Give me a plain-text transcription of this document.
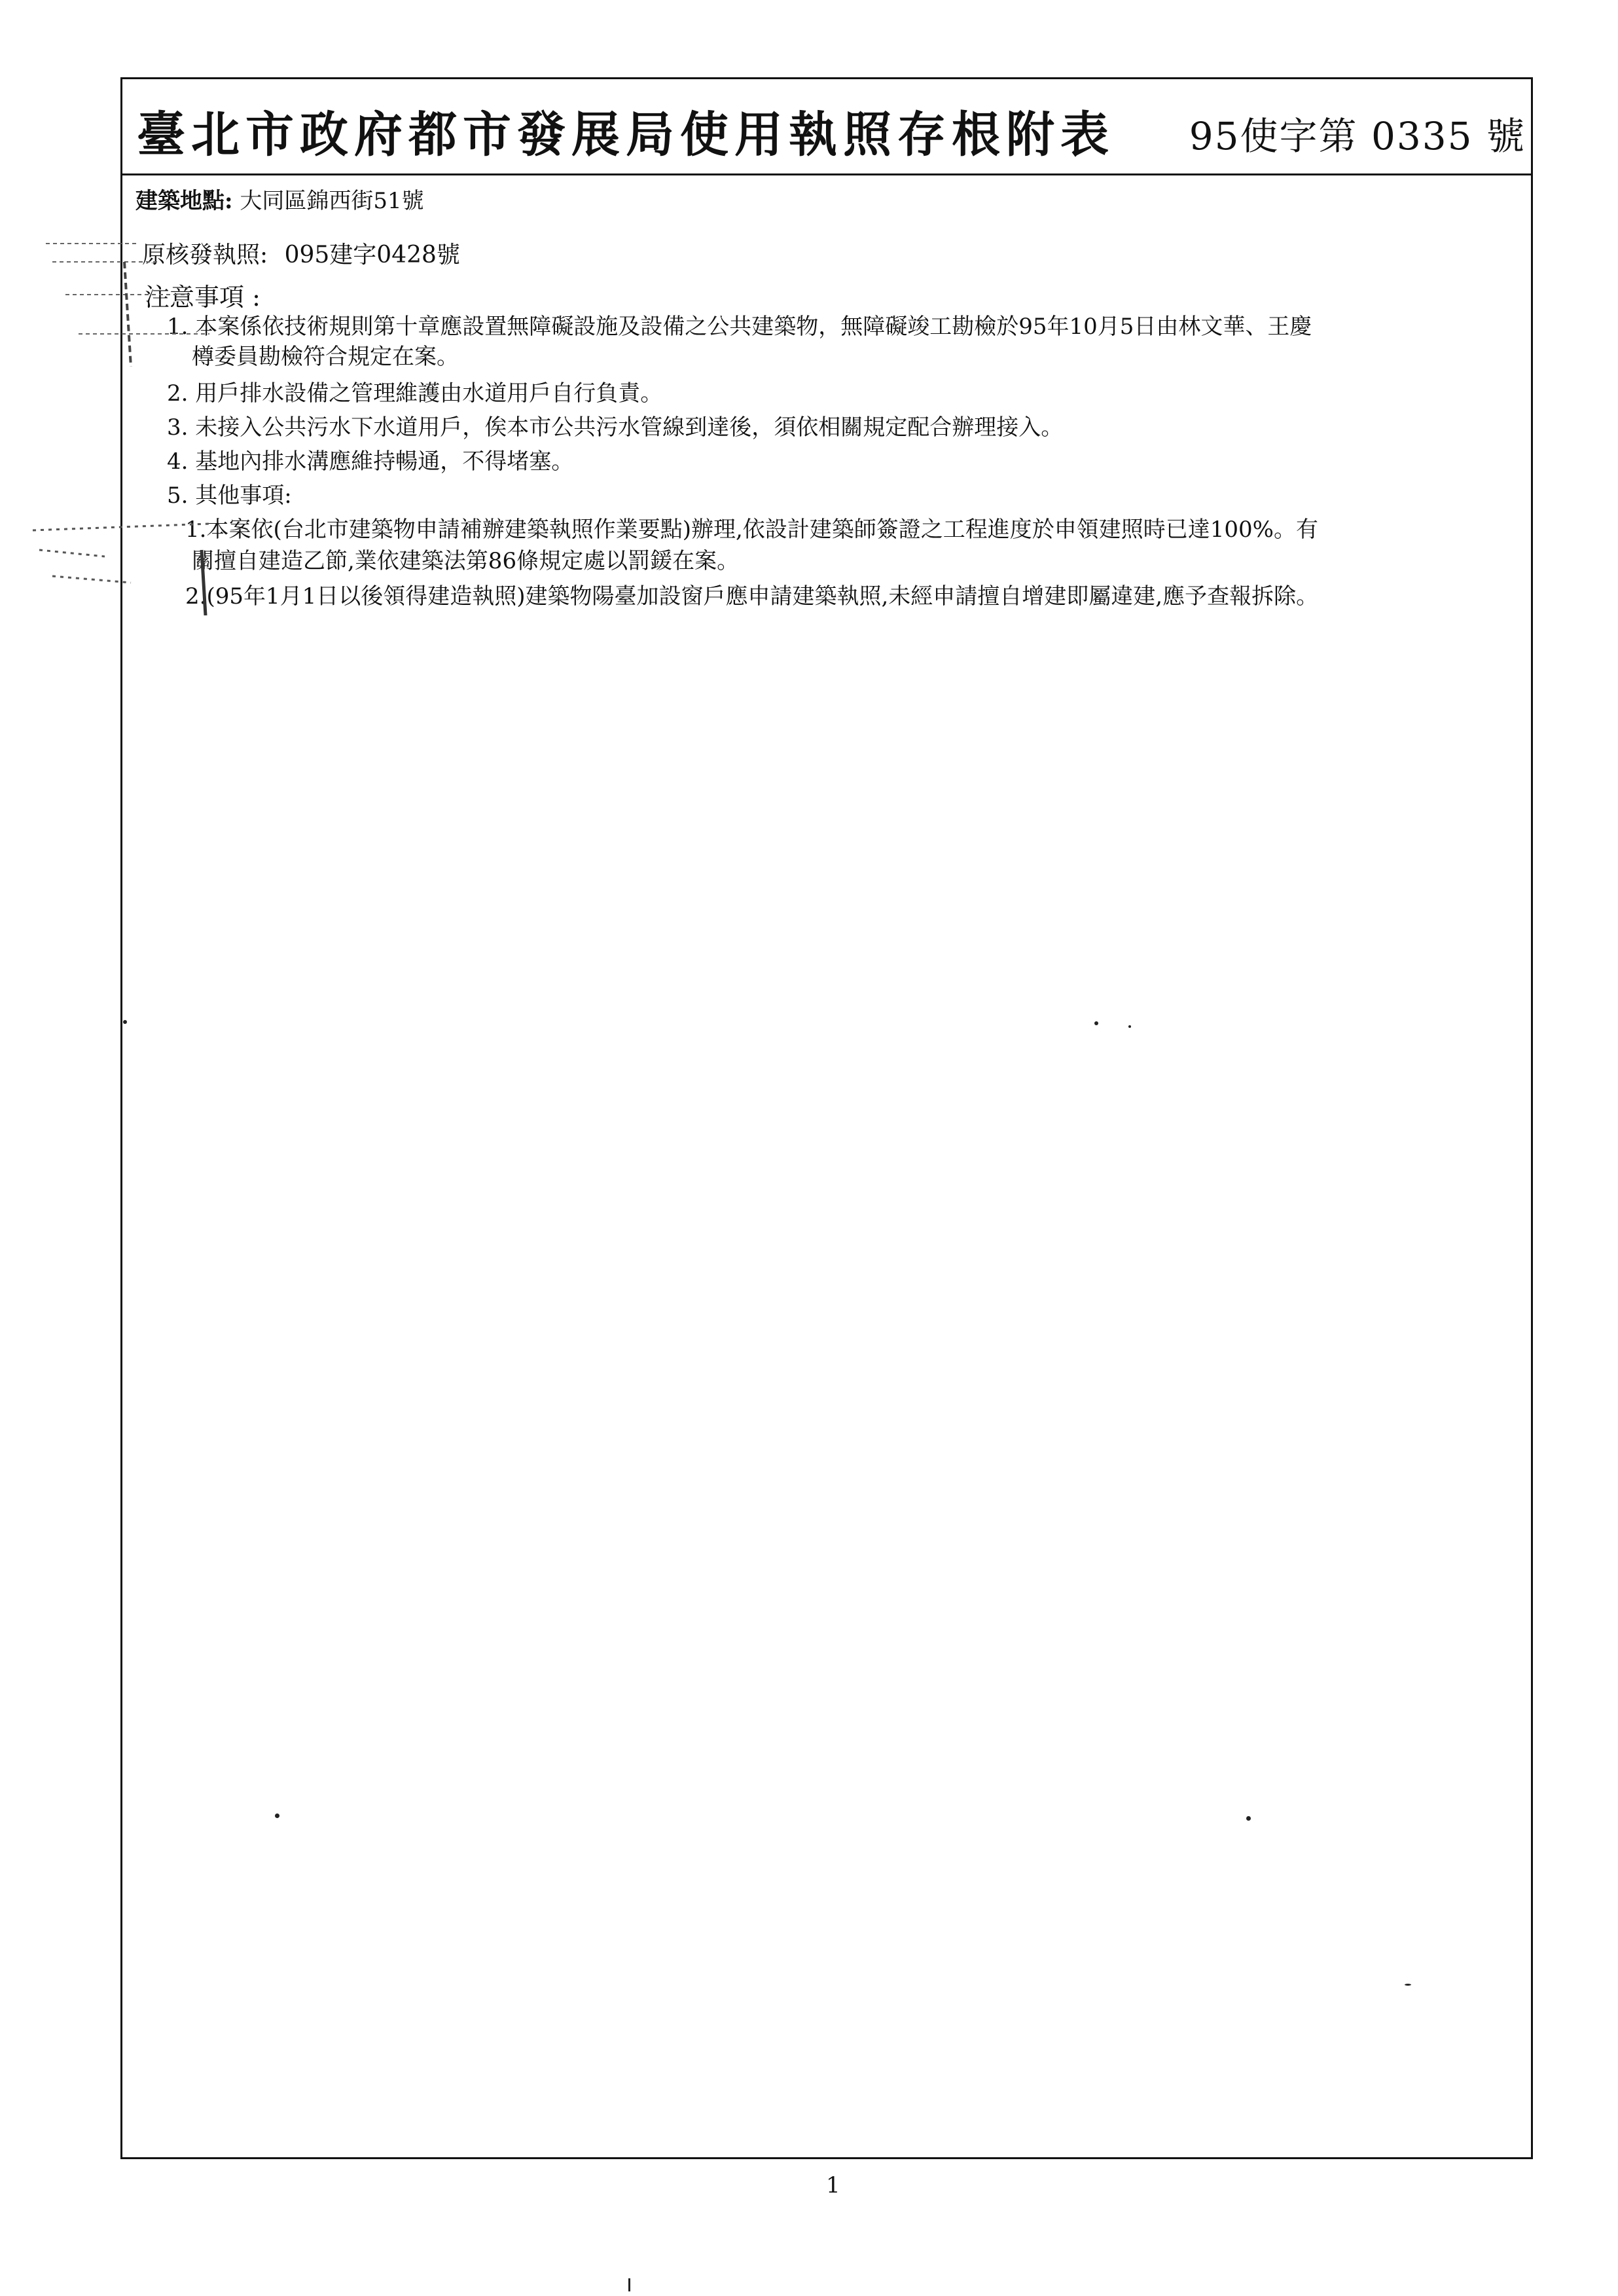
臺北市政府都市發展局使用執照存根附表 95使字第 0335 號
建築地點: 大同區錦西街51號
原核發執照: 095建字0428號
注意事項 :
1. 本案係依技術規則第十章應設置無障礙設施及設備之公共建築物，無障礙竣工勘檢於95年10月5日由林文華、王慶
樽委員勘檢符合規定在案。
2. 用戶排水設備之管理維護由水道用戶自行負責。
3. 未接入公共污水下水道用戶，俟本市公共污水管線到達後，須依相關規定配合辦理接入。
4. 基地內排水溝應維持暢通，不得堵塞。
5. 其他事項:
1.本案依(台北市建築物申請補辦建築執照作業要點)辦理,依設計建築師簽證之工程進度於申領建照時已達100%。有
關擅自建造乙節,業依建築法第86條規定處以罰鍰在案。
2.(95年1月1日以後領得建造執照)建築物陽臺加設窗戶應申請建築執照,未經申請擅自增建即屬違建,應予查報拆除。
1
